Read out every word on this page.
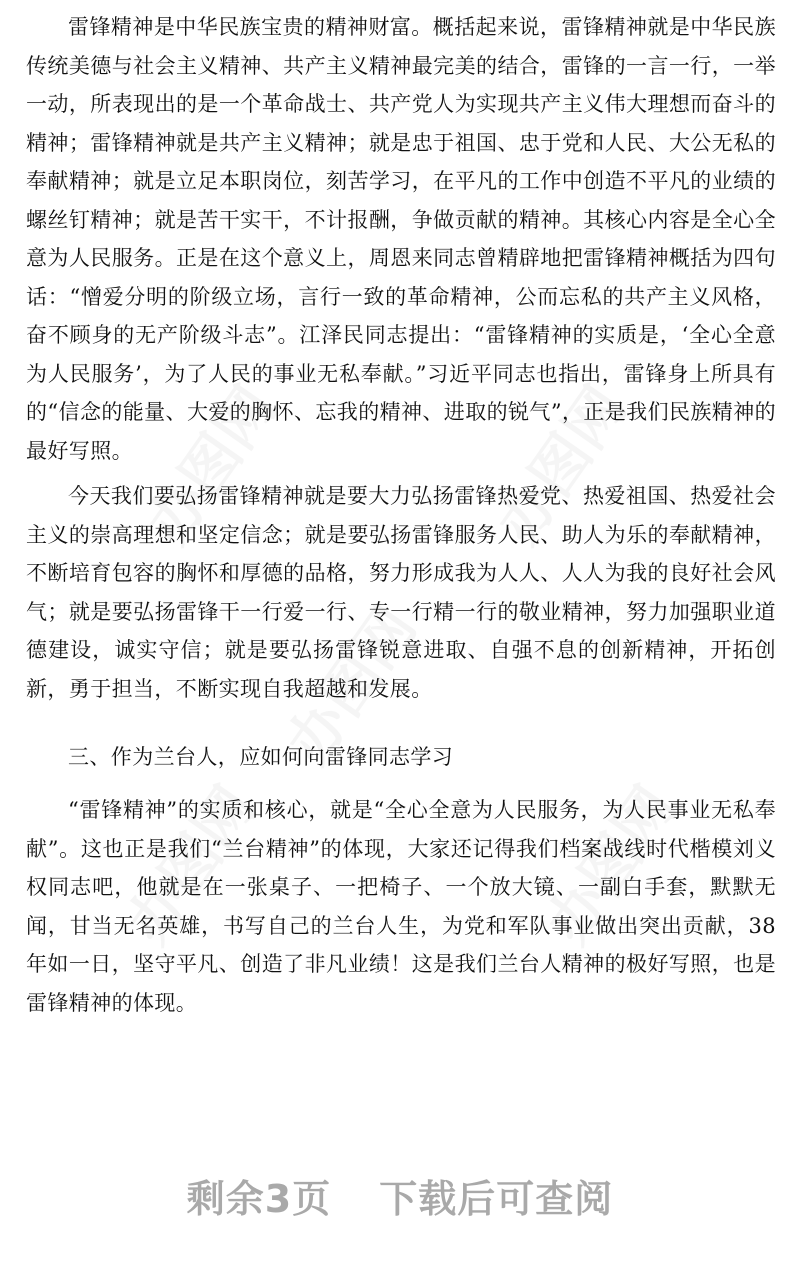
雷锋精神是中华民族宝贵的精神财富。概括起来说，雷锋精神就是中华民族传统美德与社会主义精神、共产主义精神最完美的结合，雷锋的一言一行，一举一动，所表现出的是一个革命战士、共产党人为实现共产主义伟大理想而奋斗的精神；雷锋精神就是共产主义精神；就是忠于祖国、忠于党和人民、大公无私的奉献精神；就是立足本职岗位，刻苦学习，在平凡的工作中创造不平凡的业绩的螺丝钉精神；就是苦干实干，不计报酬，争做贡献的精神。其核心内容是全心全意为人民服务。正是在这个意义上，周恩来同志曾精辟地把雷锋精神概括为四句话：“憎爱分明的阶级立场，言行一致的革命精神，公而忘私的共产主义风格，奋不顾身的无产阶级斗志”。江泽民同志提出：“雷锋精神的实质是，‘全心全意为人民服务’，为了人民的事业无私奉献。”习近平同志也指出，雷锋身上所具有的“信念的能量、大爱的胸怀、忘我的精神、进取的锐气”，正是我们民族精神的最好写照。

今天我们要弘扬雷锋精神就是要大力弘扬雷锋热爱党、热爱祖国、热爱社会主义的崇高理想和坚定信念；就是要弘扬雷锋服务人民、助人为乐的奉献精神，不断培育包容的胸怀和厚德的品格，努力形成我为人人、人人为我的良好社会风气；就是要弘扬雷锋干一行爱一行、专一行精一行的敬业精神，努力加强职业道德建设，诚实守信；就是要弘扬雷锋锐意进取、自强不息的创新精神，开拓创新，勇于担当，不断实现自我超越和发展。

三、作为兰台人，应如何向雷锋同志学习

“雷锋精神”的实质和核心，就是“全心全意为人民服务，为人民事业无私奉献”。这也正是我们“兰台精神”的体现，大家还记得我们档案战线时代楷模刘义权同志吧，他就是在一张桌子、一把椅子、一个放大镜、一副白手套，默默无闻，甘当无名英雄，书写自己的兰台人生，为党和军队事业做出突出贡献，38年如一日，坚守平凡、创造了非凡业绩！这是我们兰台人精神的极好写照，也是雷锋精神的体现。

剩余3页 下载后可查阅
